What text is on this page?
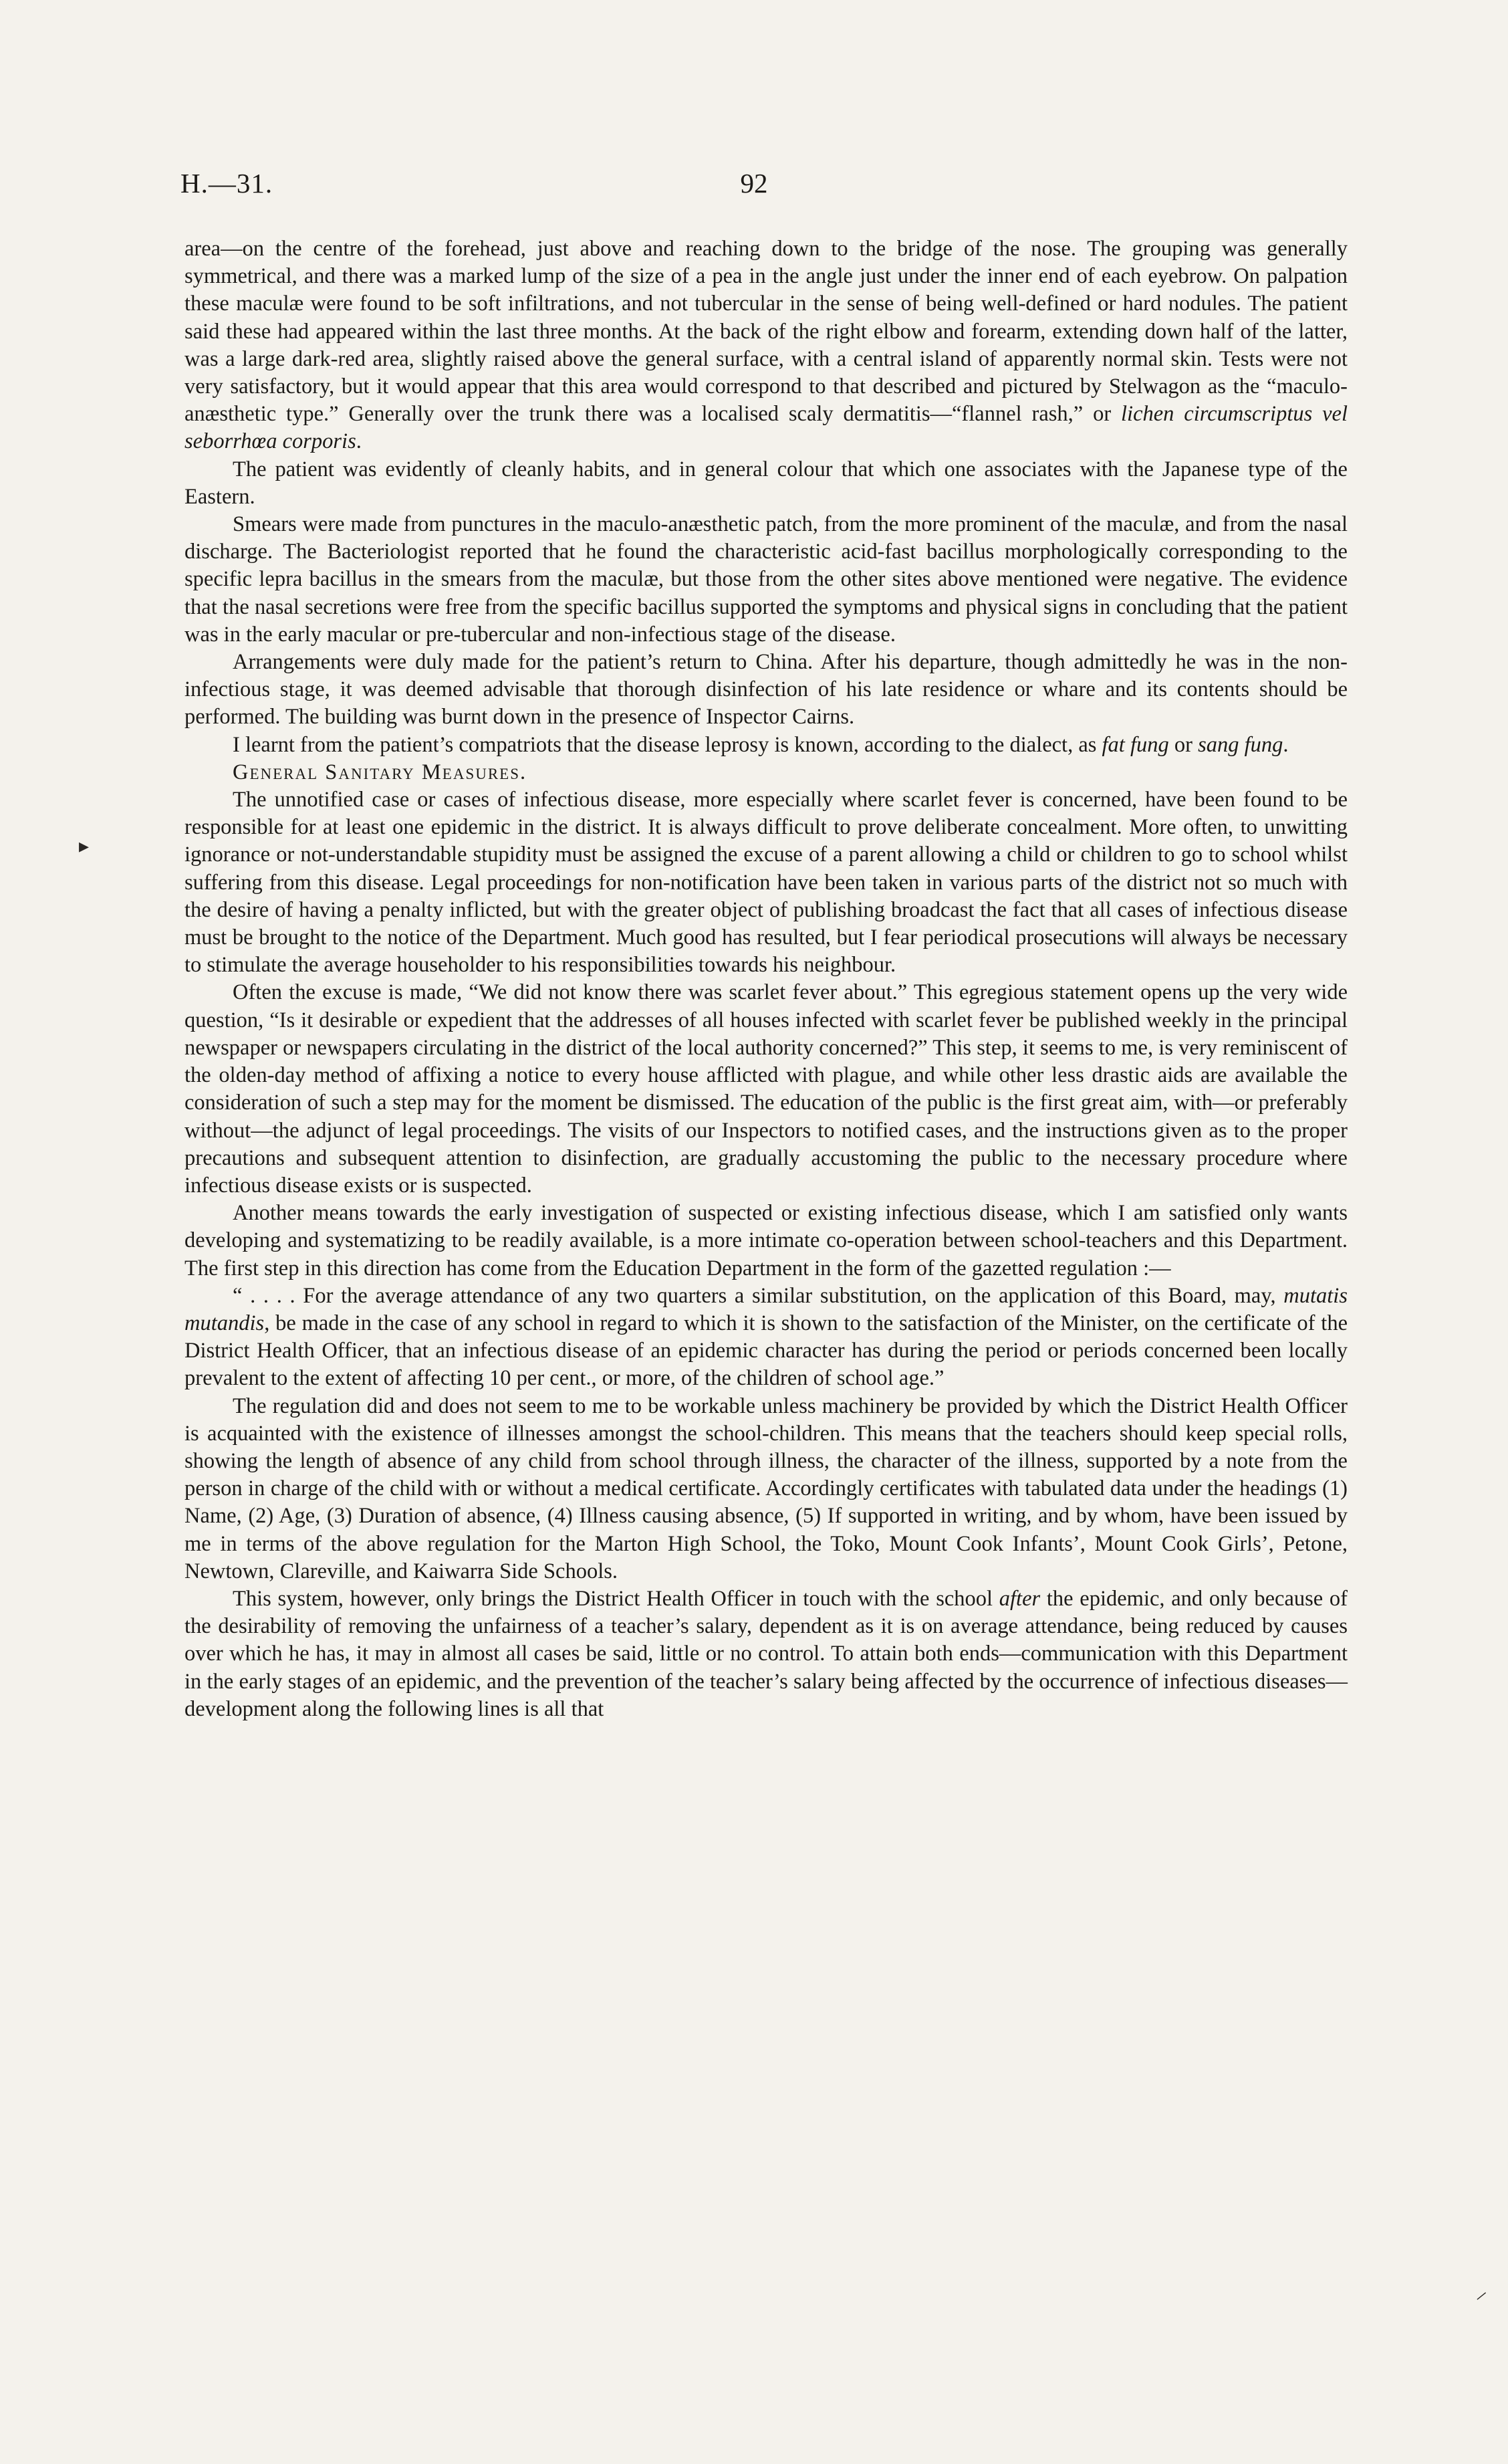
H.—31.	92

area—on the centre of the forehead, just above and reaching down to the bridge of the nose. The grouping was generally symmetrical, and there was a marked lump of the size of a pea in the angle just under the inner end of each eyebrow. On palpation these maculæ were found to be soft infiltrations, and not tubercular in the sense of being well-defined or hard nodules. The patient said these had appeared within the last three months. At the back of the right elbow and forearm, extending down half of the latter, was a large dark-red area, slightly raised above the general surface, with a central island of apparently normal skin. Tests were not very satisfactory, but it would appear that this area would correspond to that described and pictured by Stelwagon as the “maculo-anæsthetic type.” Generally over the trunk there was a localised scaly dermatitis—“flannel rash,” or lichen circumscriptus vel seborrhœa corporis.

The patient was evidently of cleanly habits, and in general colour that which one associates with the Japanese type of the Eastern.

Smears were made from punctures in the maculo-anæsthetic patch, from the more prominent of the maculæ, and from the nasal discharge. The Bacteriologist reported that he found the characteristic acid-fast bacillus morphologically corresponding to the specific lepra bacillus in the smears from the maculæ, but those from the other sites above mentioned were negative. The evidence that the nasal secretions were free from the specific bacillus supported the symptoms and physical signs in concluding that the patient was in the early macular or pre-tubercular and non-infectious stage of the disease.

Arrangements were duly made for the patient’s return to China. After his departure, though admittedly he was in the non-infectious stage, it was deemed advisable that thorough disinfection of his late residence or whare and its contents should be performed. The building was burnt down in the presence of Inspector Cairns.

I learnt from the patient’s compatriots that the disease leprosy is known, according to the dialect, as fat fung or sang fung.

General Sanitary Measures.

The unnotified case or cases of infectious disease, more especially where scarlet fever is concerned, have been found to be responsible for at least one epidemic in the district. It is always difficult to prove deliberate concealment. More often, to unwitting ignorance or not-understandable stupidity must be assigned the excuse of a parent allowing a child or children to go to school whilst suffering from this disease. Legal proceedings for non-notification have been taken in various parts of the district not so much with the desire of having a penalty inflicted, but with the greater object of publishing broadcast the fact that all cases of infectious disease must be brought to the notice of the Department. Much good has resulted, but I fear periodical prosecutions will always be necessary to stimulate the average householder to his responsibilities towards his neighbour.

Often the excuse is made, “We did not know there was scarlet fever about.” This egregious statement opens up the very wide question, “Is it desirable or expedient that the addresses of all houses infected with scarlet fever be published weekly in the principal newspaper or newspapers circulating in the district of the local authority concerned?” This step, it seems to me, is very reminiscent of the olden-day method of affixing a notice to every house afflicted with plague, and while other less drastic aids are available the consideration of such a step may for the moment be dismissed. The education of the public is the first great aim, with—or preferably without—the adjunct of legal proceedings. The visits of our Inspectors to notified cases, and the instructions given as to the proper precautions and subsequent attention to disinfection, are gradually accustoming the public to the necessary procedure where infectious disease exists or is suspected.

Another means towards the early investigation of suspected or existing infectious disease, which I am satisfied only wants developing and systematizing to be readily available, is a more intimate co-operation between school-teachers and this Department. The first step in this direction has come from the Education Department in the form of the gazetted regulation :—

“ . . . . For the average attendance of any two quarters a similar substitution, on the application of this Board, may, mutatis mutandis, be made in the case of any school in regard to which it is shown to the satisfaction of the Minister, on the certificate of the District Health Officer, that an infectious disease of an epidemic character has during the period or periods concerned been locally prevalent to the extent of affecting 10 per cent., or more, of the children of school age.”

The regulation did and does not seem to me to be workable unless machinery be provided by which the District Health Officer is acquainted with the existence of illnesses amongst the school-children. This means that the teachers should keep special rolls, showing the length of absence of any child from school through illness, the character of the illness, supported by a note from the person in charge of the child with or without a medical certificate. Accordingly certificates with tabulated data under the headings (1) Name, (2) Age, (3) Duration of absence, (4) Illness causing absence, (5) If supported in writing, and by whom, have been issued by me in terms of the above regulation for the Marton High School, the Toko, Mount Cook Infants’, Mount Cook Girls’, Petone, Newtown, Clareville, and Kaiwarra Side Schools.

This system, however, only brings the District Health Officer in touch with the school after the epidemic, and only because of the desirability of removing the unfairness of a teacher’s salary, dependent as it is on average attendance, being reduced by causes over which he has, it may in almost all cases be said, little or no control. To attain both ends—communication with this Department in the early stages of an epidemic, and the prevention of the teacher’s salary being affected by the occurrence of infectious diseases—development along the following lines is all that

▸
⸝
